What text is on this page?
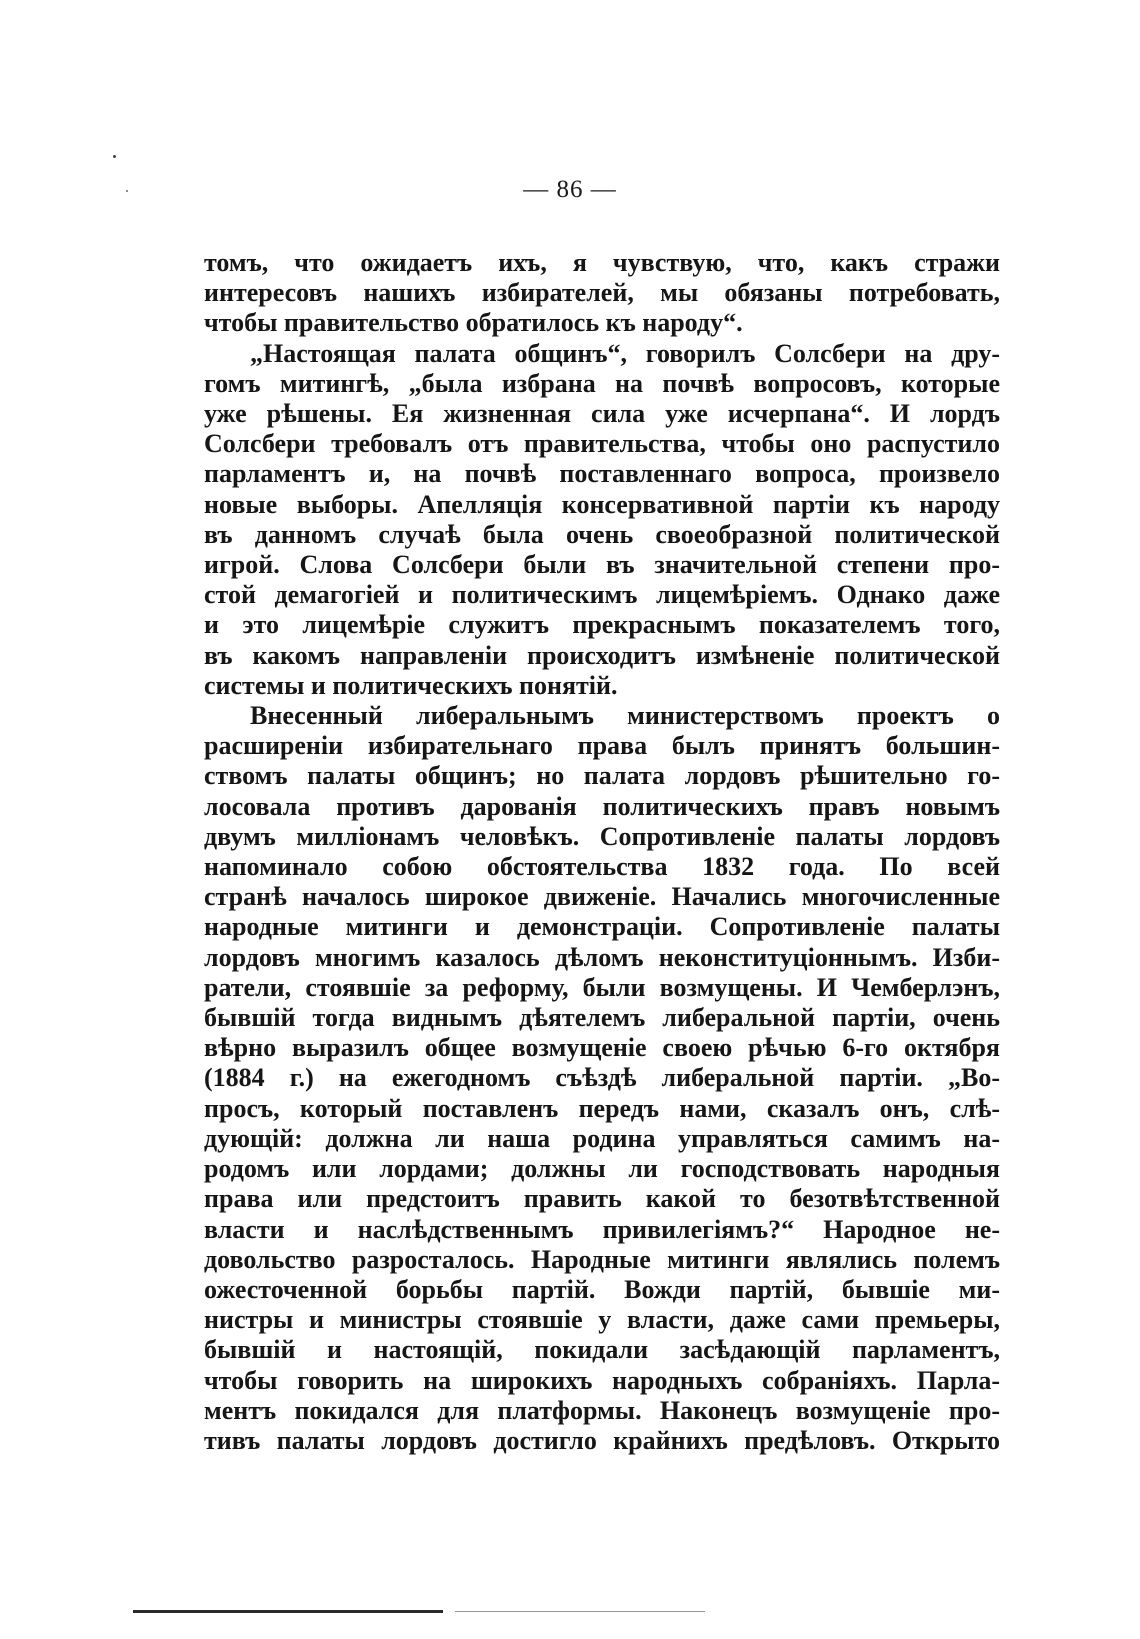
— 86 —
томъ, что ожидаетъ ихъ, я чувствую, что, какъ стражи
интересовъ нашихъ избирателей, мы обязаны потребовать,
чтобы правительство обратилось къ народу“.
„Настоящая палата общинъ“, говорилъ Солсбери на дру-
гомъ митингѣ, „была избрана на почвѣ вопросовъ, которые
уже рѣшены. Ея жизненная сила уже исчерпана“. И лордъ
Солсбери требовалъ отъ правительства, чтобы оно распустило
парламентъ и, на почвѣ поставленнаго вопроса, произвело
новые выборы. Апелляція консервативной партіи къ народу
въ данномъ случаѣ была очень своеобразной политической
игрой. Слова Солсбери были въ значительной степени про-
стой демагогіей и политическимъ лицемѣріемъ. Однако даже
и это лицемѣріе служитъ прекраснымъ показателемъ того,
въ какомъ направленіи происходитъ измѣненіе политической
системы и политическихъ понятій.
Внесенный либеральнымъ министерствомъ проектъ о
расширеніи избирательнаго права былъ принятъ большин-
ствомъ палаты общинъ; но палата лордовъ рѣшительно го-
лосовала противъ дарованія политическихъ правъ новымъ
двумъ милліонамъ человѣкъ. Сопротивленіе палаты лордовъ
напоминало собою обстоятельства 1832 года. По всей
странѣ началось широкое движеніе. Начались многочисленные
народные митинги и демонстраціи. Сопротивленіе палаты
лордовъ многимъ казалось дѣломъ неконституціоннымъ. Изби-
ратели, стоявшіе за реформу, были возмущены. И Чемберлэнъ,
бывшій тогда виднымъ дѣятелемъ либеральной партіи, очень
вѣрно выразилъ общее возмущеніе своею рѣчью 6-го октября
(1884 г.) на ежегодномъ съѣздѣ либеральной партіи. „Во-
просъ, который поставленъ передъ нами, сказалъ онъ, слѣ-
дующій: должна ли наша родина управляться самимъ на-
родомъ или лордами; должны ли господствовать народныя
права или предстоитъ править какой то безотвѣтственной
власти и наслѣдственнымъ привилегіямъ?“ Народное не-
довольство разросталось. Народные митинги являлись полемъ
ожесточенной борьбы партій. Вожди партій, бывшіе ми-
нистры и министры стоявшіе у власти, даже сами премьеры,
бывшій и настоящій, покидали засѣдающій парламентъ,
чтобы говорить на широкихъ народныхъ собраніяхъ. Парла-
ментъ покидался для платформы. Наконецъ возмущеніе про-
тивъ палаты лордовъ достигло крайнихъ предѣловъ. Открыто
